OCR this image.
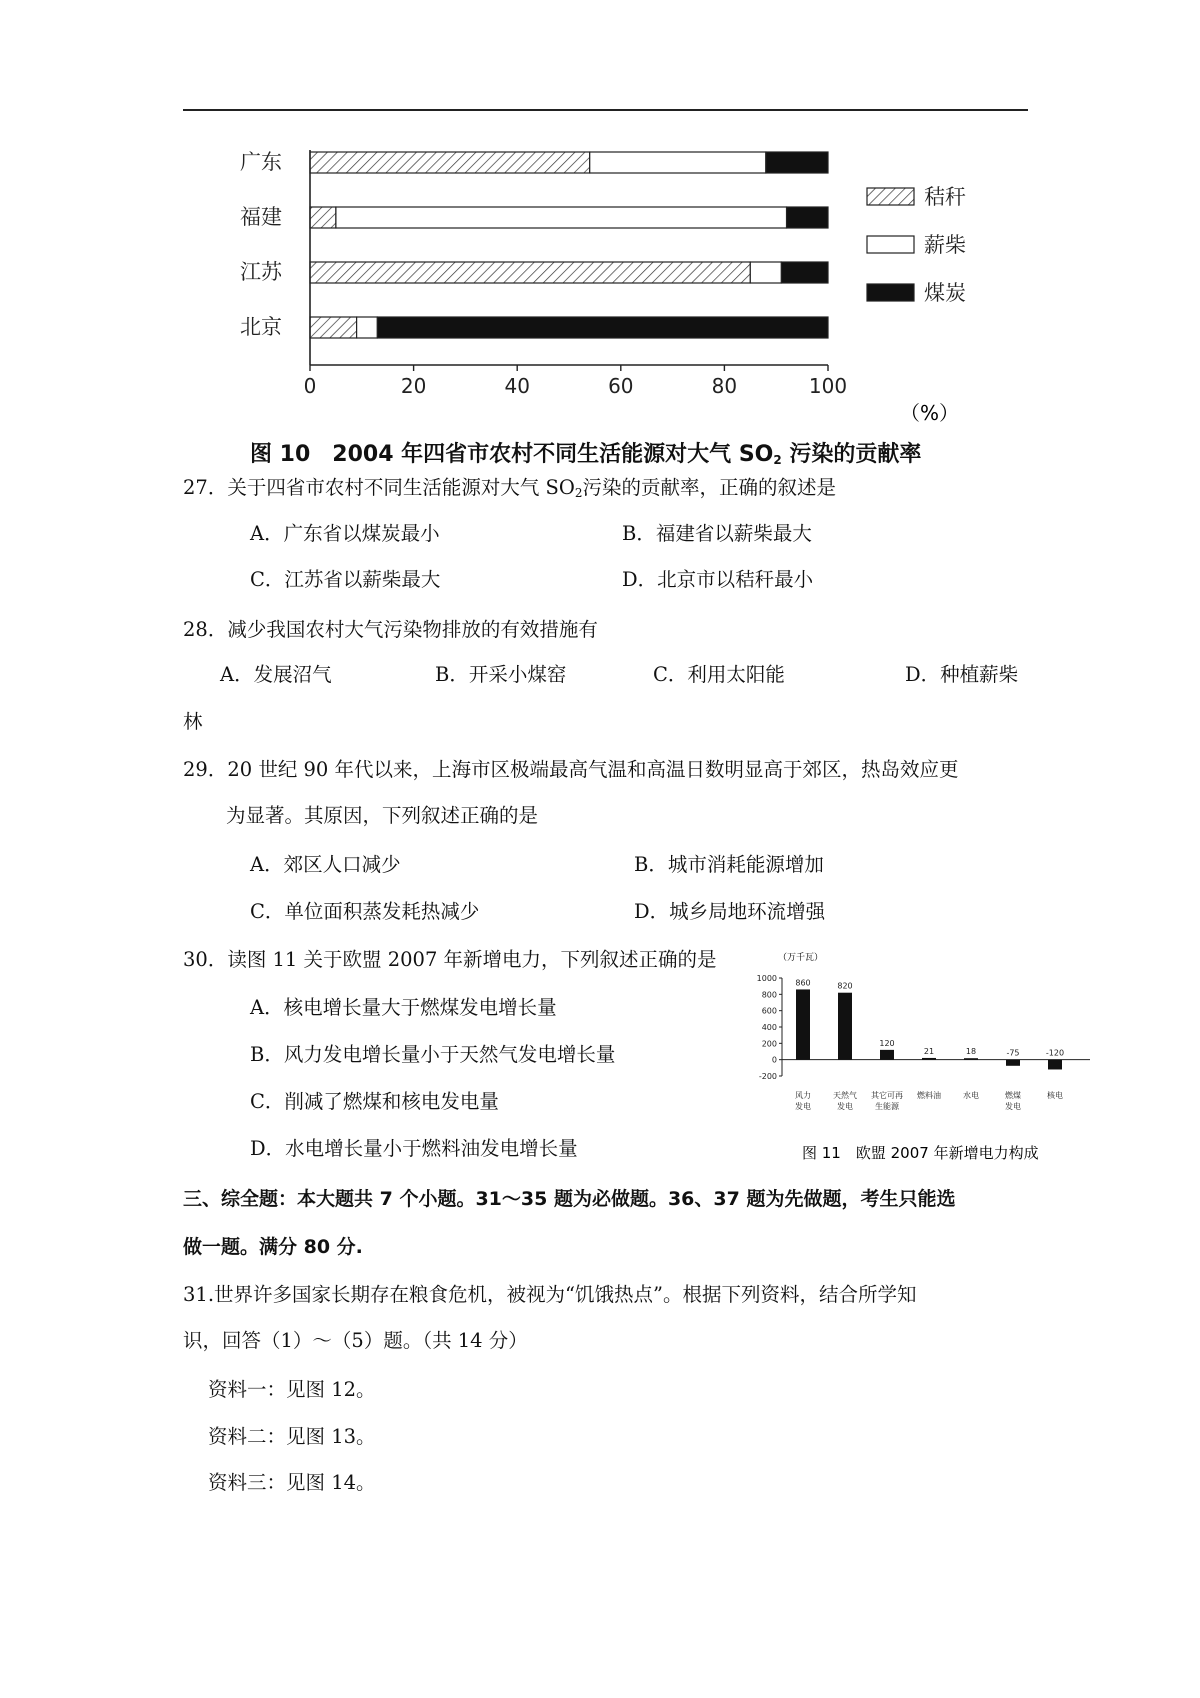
广东
福建
江苏
北京
0	20	40	60	80	100
（%）
秸秆
薪柴
煤炭
图 10　2004 年四省市农村不同生活能源对大气 $SO_2$ 污染的贡献率
27．关于四省市农村不同生活能源对大气 $SO_2$污染的贡献率，正确的叙述是
A．广东省以煤炭最小	B．福建省以薪柴最大
C．江苏省以薪柴最大	D．北京市以秸秆最小
28．减少我国农村大气污染物排放的有效措施有
A．发展沼气	B．开采小煤窑	C．利用太阳能	D．种植薪柴
林
29．20 世纪 90 年代以来，上海市区极端最高气温和高温日数明显高于郊区，热岛效应更
为显著。其原因，下列叙述正确的是
A．郊区人口减少	B．城市消耗能源增加
C．单位面积蒸发耗热减少	D．城乡局地环流增强
30．读图 11 关于欧盟 2007 年新增电力，下列叙述正确的是
A．核电增长量大于燃煤发电增长量
B．风力发电增长量小于天然气发电增长量
C．削减了燃煤和核电发电量
D．水电增长量小于燃料油发电增长量
（万千瓦）
1000
800
600
400
200
0
-200
860
风力
发电
820
天然气
发电
120
其它可再
生能源
21
燃料油
18
水电
-75
燃煤
发电
-120
核电
图 11　欧盟 2007 年新增电力构成
三、综全题：本大题共 7 个小题。31～35 题为必做题。36、37 题为先做题，考生只能选
做一题。满分 80 分.
31.世界许多国家长期存在粮食危机，被视为“饥饿热点”。根据下列资料，结合所学知
识，回答（1）～（5）题。（共 14 分）
资料一：见图 12。
资料二：见图 13。
资料三：见图 14。
